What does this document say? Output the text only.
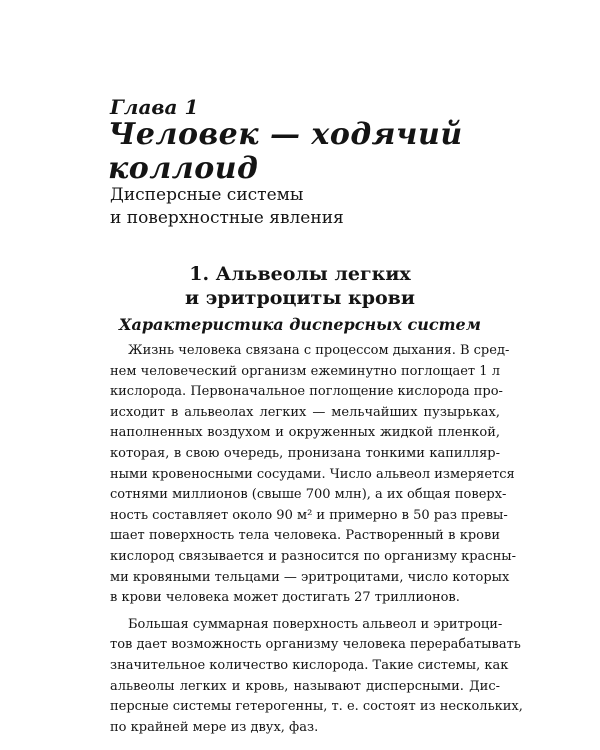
Глава 1
Человек — ходячий
коллоид
Дисперсные системы
и поверхностные явления
1. Альвеолы легких
и эритроциты крови
Характеристика дисперсных систем
Жизнь человека связана с процессом дыхания. В сред-
нем человеческий организм ежеминутно поглощает 1 л
кислорода. Первоначальное поглощение кислорода про-
исходит в альвеолах легких — мельчайших пузырьках,
наполненных воздухом и окруженных жидкой пленкой,
которая, в свою очередь, пронизана тонкими капилляр-
ными кровеносными сосудами. Число альвеол измеряется
сотнями миллионов (свыше 700 млн), а их общая поверх-
ность составляет около 90 м² и примерно в 50 раз превы-
шает поверхность тела человека. Растворенный в крови
кислород связывается и разносится по организму красны-
ми кровяными тельцами — эритроцитами, число которых
в крови человека может достигать 27 триллионов.
Большая суммарная поверхность альвеол и эритроци-
тов дает возможность организму человека перерабатывать
значительное количество кислорода. Такие системы, как
альвеолы легких и кровь, называют дисперсными. Дис-
персные системы гетерогенны, т. е. состоят из нескольких,
по крайней мере из двух, фаз.
